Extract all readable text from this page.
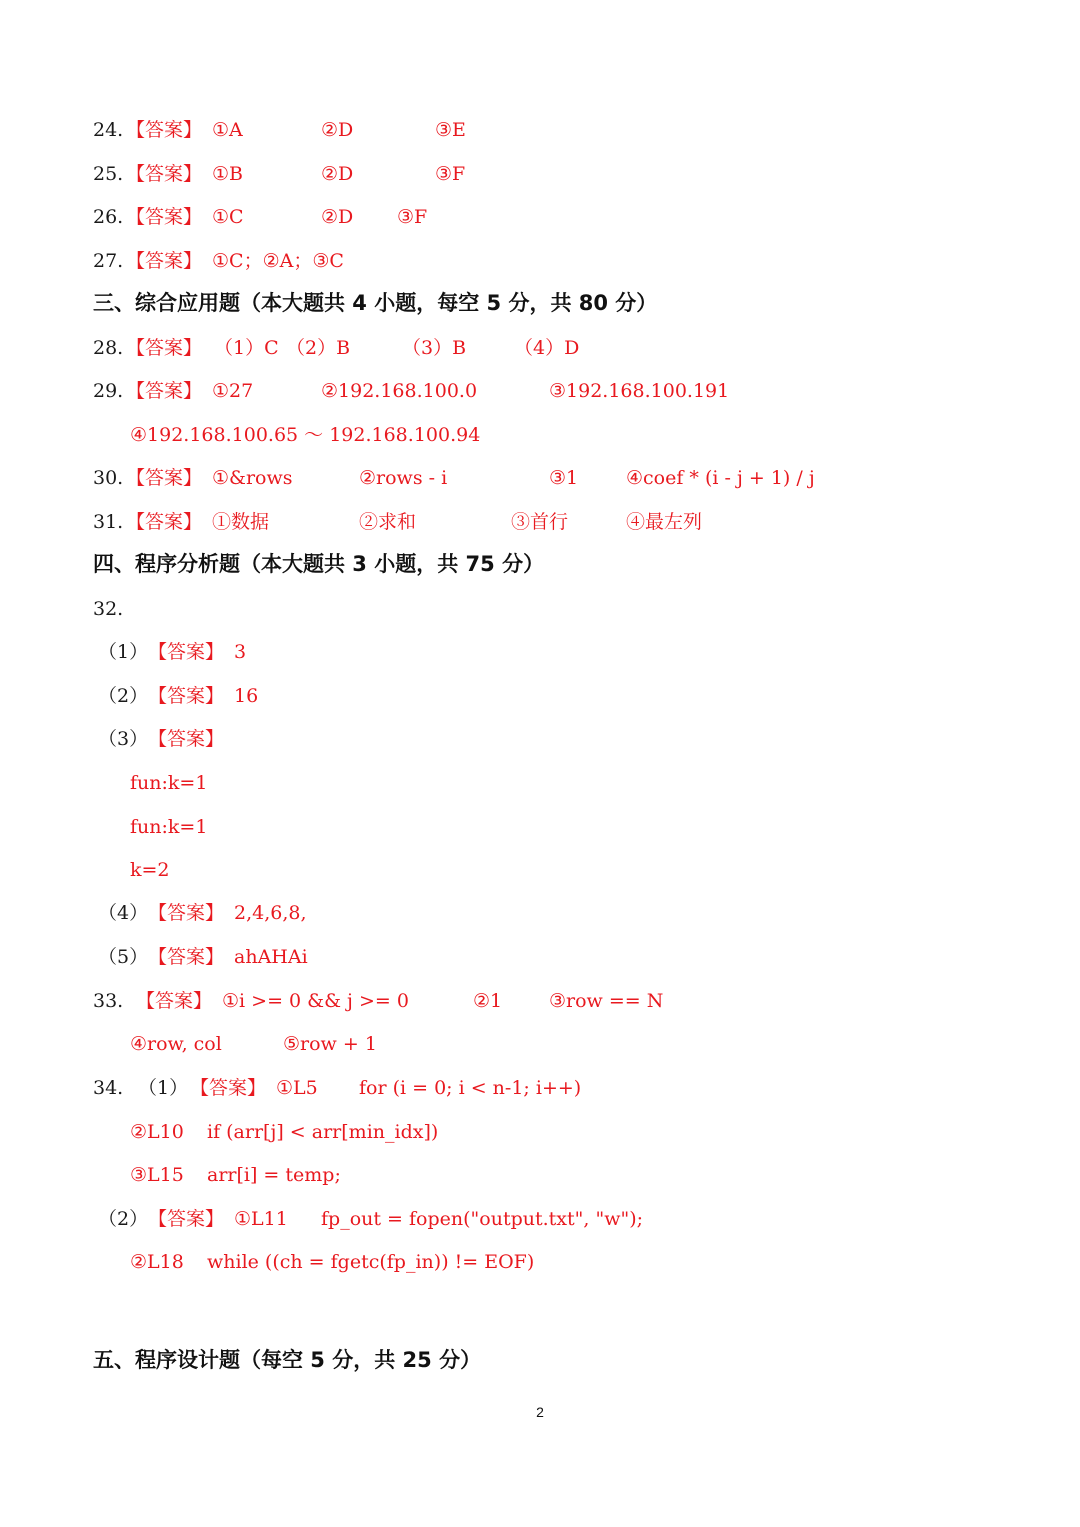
24. 【答案】 ①A	②D	③E
25. 【答案】 ①B	②D	③F
26. 【答案】 ①C	②D ③F
27. 【答案】 ①C；②A；③C
三、综合应用题（本大题共 4 小题，每空 5 分，共 80 分）
28. 【答案】 （1）C （2）B	（3）B	（4）D
29. 【答案】 ①27	②192.168.100.0	③192.168.100.191
④192.168.100.65 ～ 192.168.100.94
30. 【答案】 ①&rows	②rows - i	③1	④coef * (i - j + 1) / j
31. 【答案】 ①数据	②求和	③首行	④最左列
四、程序分析题（本大题共 3 小题，共 75 分）
32.
（1） 【答案】 3
（2） 【答案】 16
（3） 【答案】
fun:k=1
fun:k=1
k=2
（4） 【答案】 2,4,6,8,
（5） 【答案】 ahAHAi
33. 【答案】 ①i >= 0 && j >= 0	②1 ③row == N
④row, col	⑤row + 1
34. （1） 【答案】 ①L5 for (i = 0; i < n-1; i++)
②L10 if (arr[j] < arr[min_idx])
③L15 arr[i] = temp;
（2） 【答案】 ①L11 fp_out = fopen("output.txt", "w");
②L18 while ((ch = fgetc(fp_in)) != EOF)
五、程序设计题（每空 5 分，共 25 分）
2
